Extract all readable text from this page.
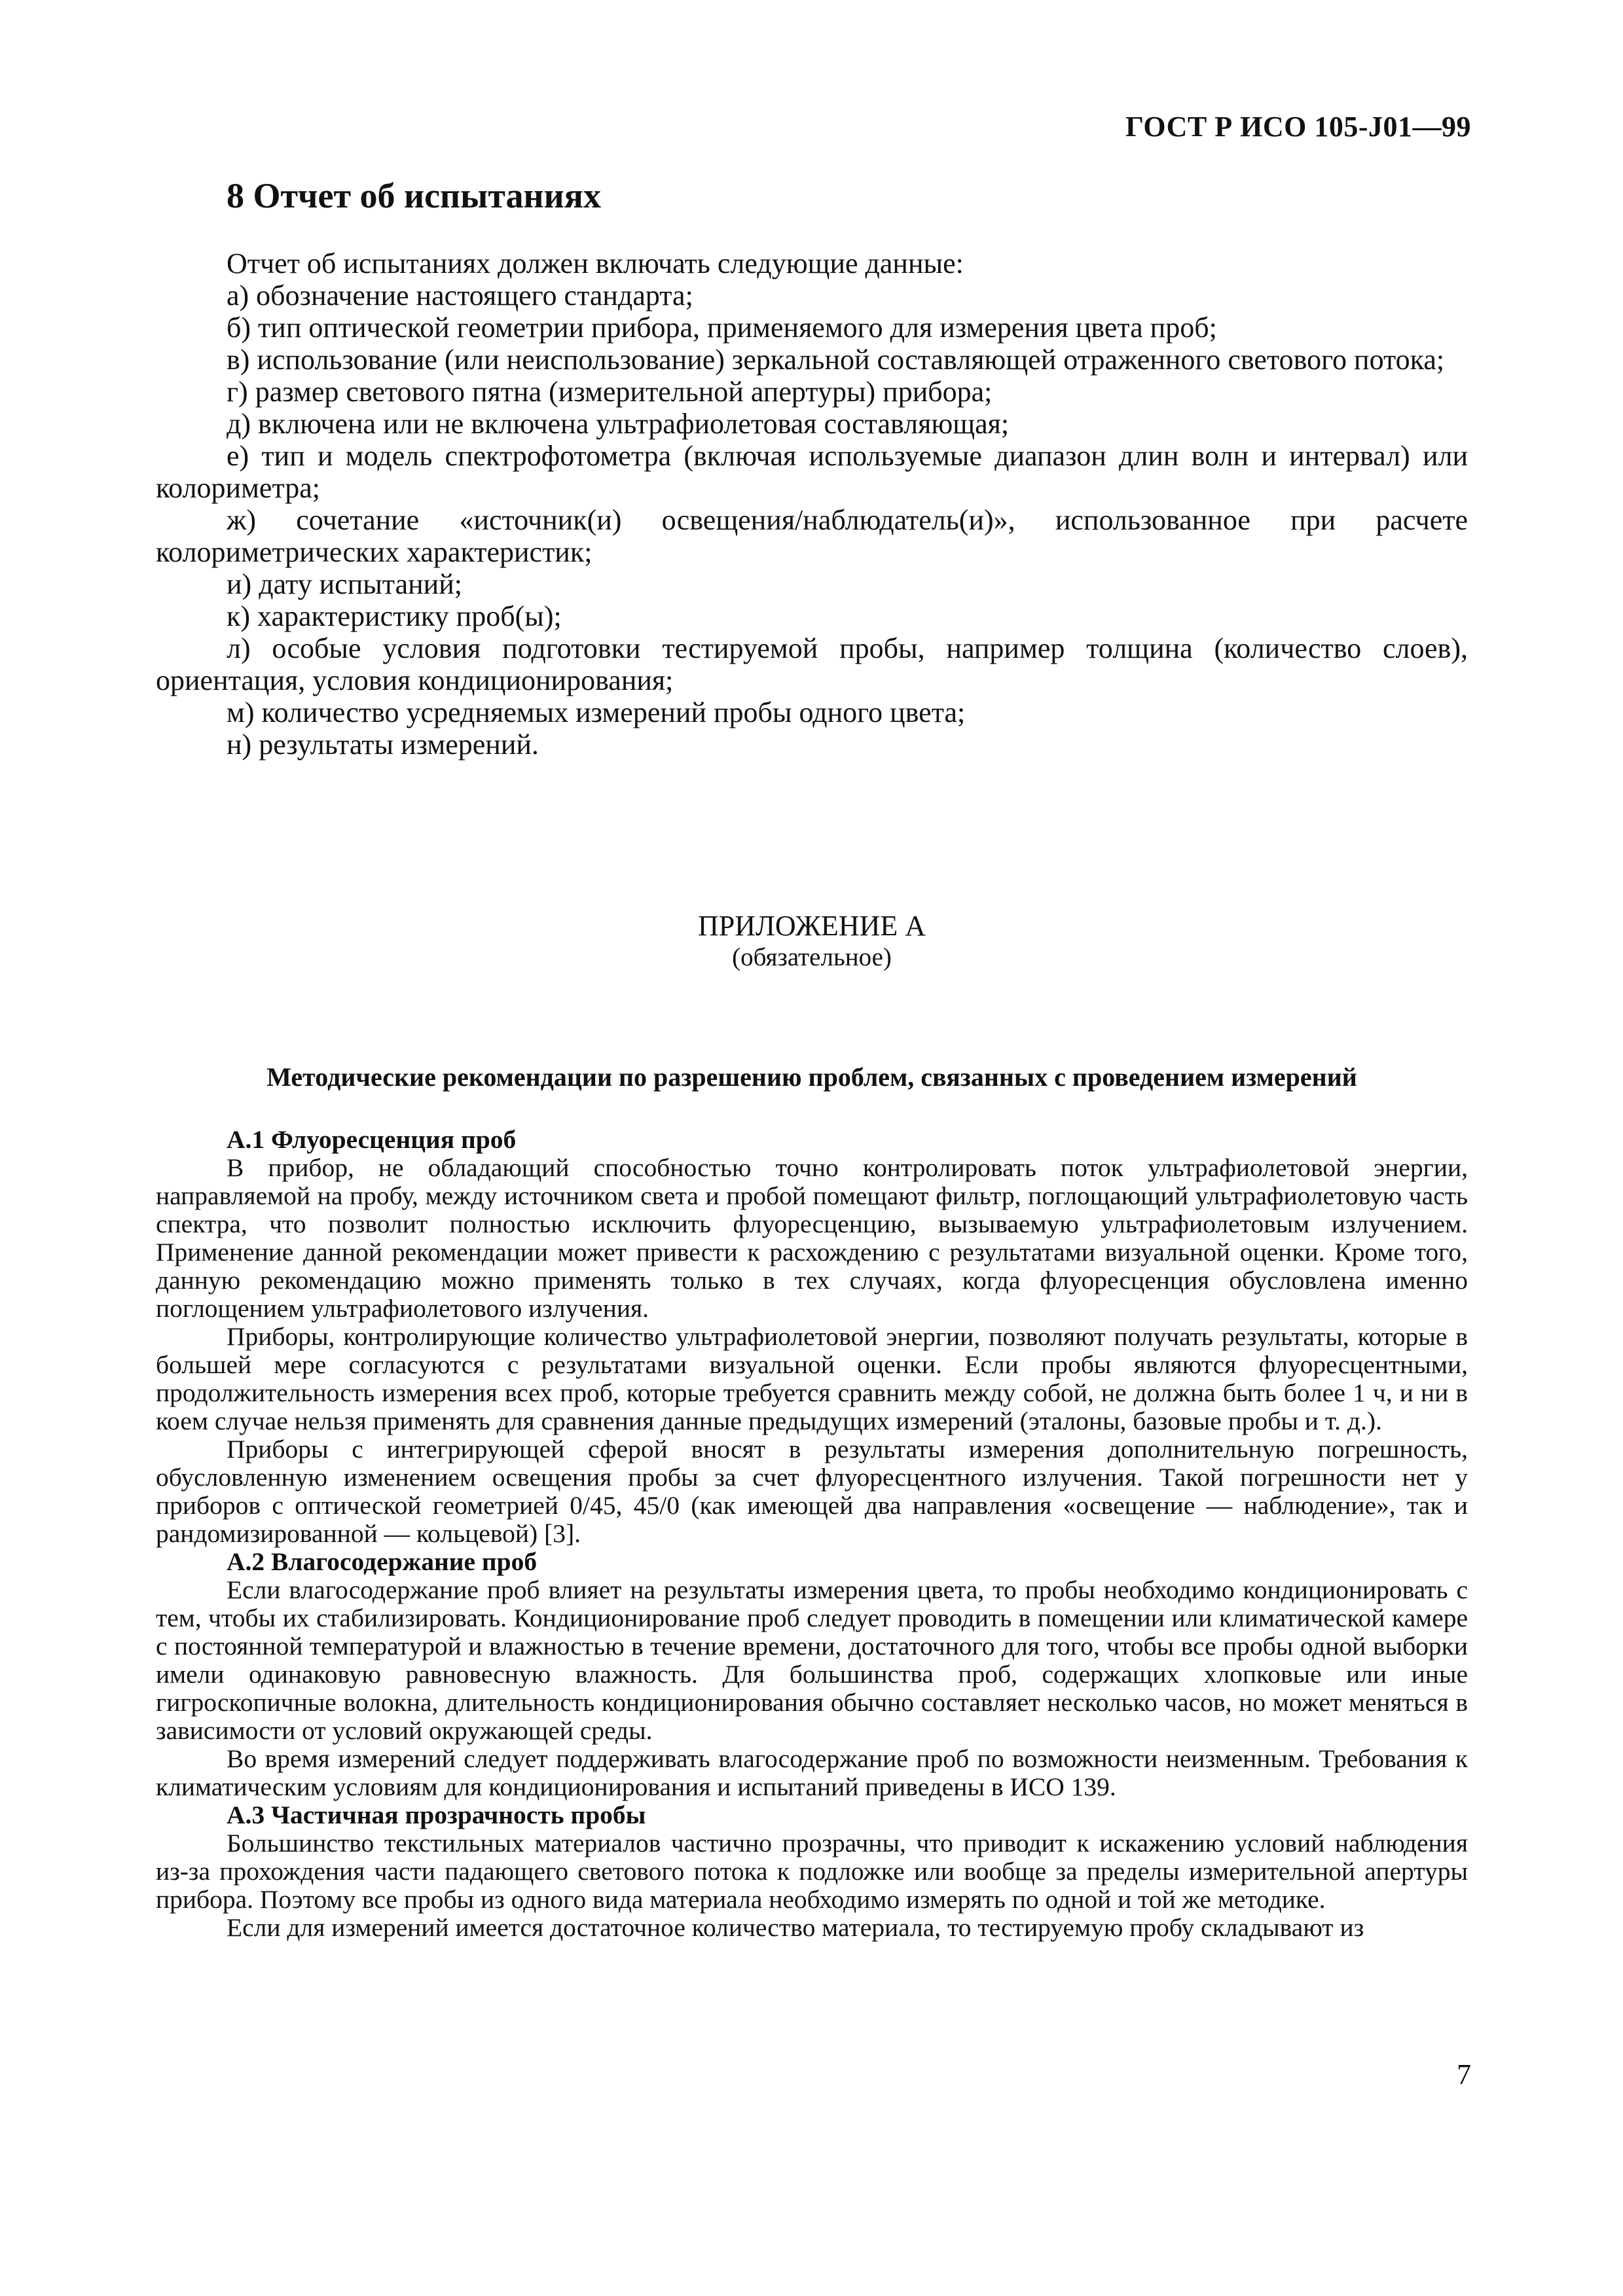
ГОСТ Р ИСО 105-J01—99
8 Отчет об испытаниях

Отчет об испытаниях должен включать следующие данные:

а) обозначение настоящего стандарта;

б) тип оптической геометрии прибора, применяемого для измерения цвета проб;

в) использование (или неиспользование) зеркальной составляющей отраженного светового потока;

г) размер светового пятна (измерительной апертуры) прибора;

д) включена или не включена ультрафиолетовая составляющая;

е) тип и модель спектрофотометра (включая используемые диапазон длин волн и интервал) или колориметра;

ж) сочетание «источник(и) освещения/наблюдатель(и)», использованное при расчете колориметрических характеристик;

и) дату испытаний;

к) характеристику проб(ы);

л) особые условия подготовки тестируемой пробы, например толщина (количество слоев), ориентация, условия кондиционирования;

м) количество усредняемых измерений пробы одного цвета;

н) результаты измерений.

ПРИЛОЖЕНИЕ А
(обязательное)
Методические рекомендации по разрешению проблем, связанных с проведением измерений

А.1 Флуоресценция проб

В прибор, не обладающий способностью точно контролировать поток ультрафиолетовой энергии, направляемой на пробу, между источником света и пробой помещают фильтр, поглощающий ультрафиолетовую часть спектра, что позволит полностью исключить флуоресценцию, вызываемую ультрафиолетовым излучением. Применение данной рекомендации может привести к расхождению с результатами визуальной оценки. Кроме того, данную рекомендацию можно применять только в тех случаях, когда флуоресценция обусловлена именно поглощением ультрафиолетового излучения.

Приборы, контролирующие количество ультрафиолетовой энергии, позволяют получать результаты, которые в большей мере согласуются с результатами визуальной оценки. Если пробы являются флуоресцентными, продолжительность измерения всех проб, которые требуется сравнить между собой, не должна быть более 1 ч, и ни в коем случае нельзя применять для сравнения данные предыдущих измерений (эталоны, базовые пробы и т. д.).

Приборы с интегрирующей сферой вносят в результаты измерения дополнительную погрешность, обусловленную изменением освещения пробы за счет флуоресцентного излучения. Такой погрешности нет у приборов с оптической геометрией 0/45, 45/0 (как имеющей два направления «освещение — наблюдение», так и рандомизированной — кольцевой) [3].

А.2 Влагосодержание проб

Если влагосодержание проб влияет на результаты измерения цвета, то пробы необходимо кондиционировать с тем, чтобы их стабилизировать. Кондиционирование проб следует проводить в помещении или климатической камере с постоянной температурой и влажностью в течение времени, достаточного для того, чтобы все пробы одной выборки имели одинаковую равновесную влажность. Для большинства проб, содержащих хлопковые или иные гигроскопичные волокна, длительность кондиционирования обычно составляет несколько часов, но может меняться в зависимости от условий окружающей среды.

Во время измерений следует поддерживать влагосодержание проб по возможности неизменным. Требования к климатическим условиям для кондиционирования и испытаний приведены в ИСО 139.

А.3 Частичная прозрачность пробы

Большинство текстильных материалов частично прозрачны, что приводит к искажению условий наблюдения из-за прохождения части падающего светового потока к подложке или вообще за пределы измерительной апертуры прибора. Поэтому все пробы из одного вида материала необходимо измерять по одной и той же методике.

Если для измерений имеется достаточное количество материала, то тестируемую пробу складывают из

7
